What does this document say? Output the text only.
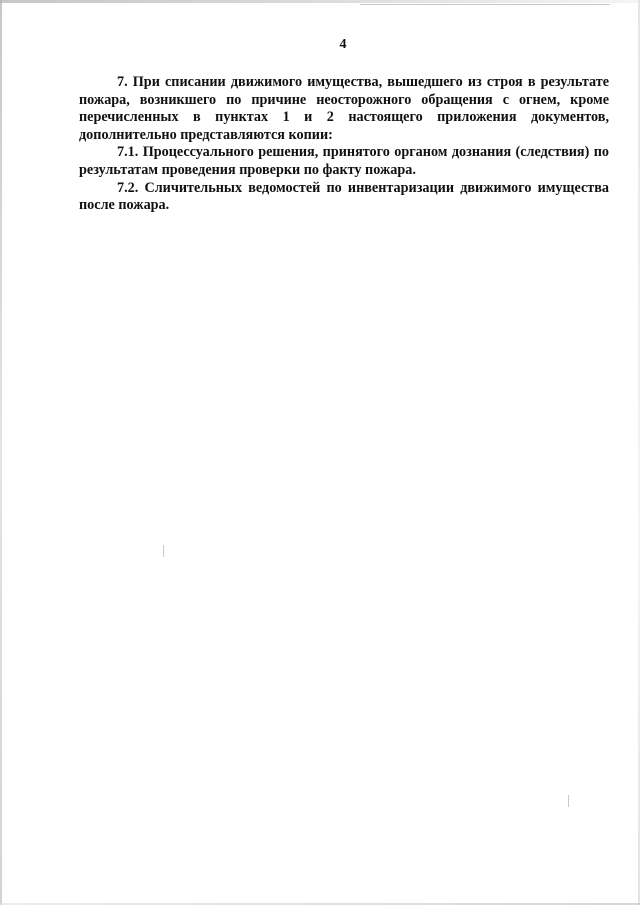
4

7. При списании движимого имущества, вышедшего из строя в результате пожара, возникшего по причине неосторожного обращения с огнем, кроме перечисленных в пунктах 1 и 2 настоящего приложения документов, дополнительно представляются копии:

7.1. Процессуального решения, принятого органом дознания (следствия) по результатам проведения проверки по факту пожара.

7.2. Сличительных ведомостей по инвентаризации движимого имущества после пожара.
